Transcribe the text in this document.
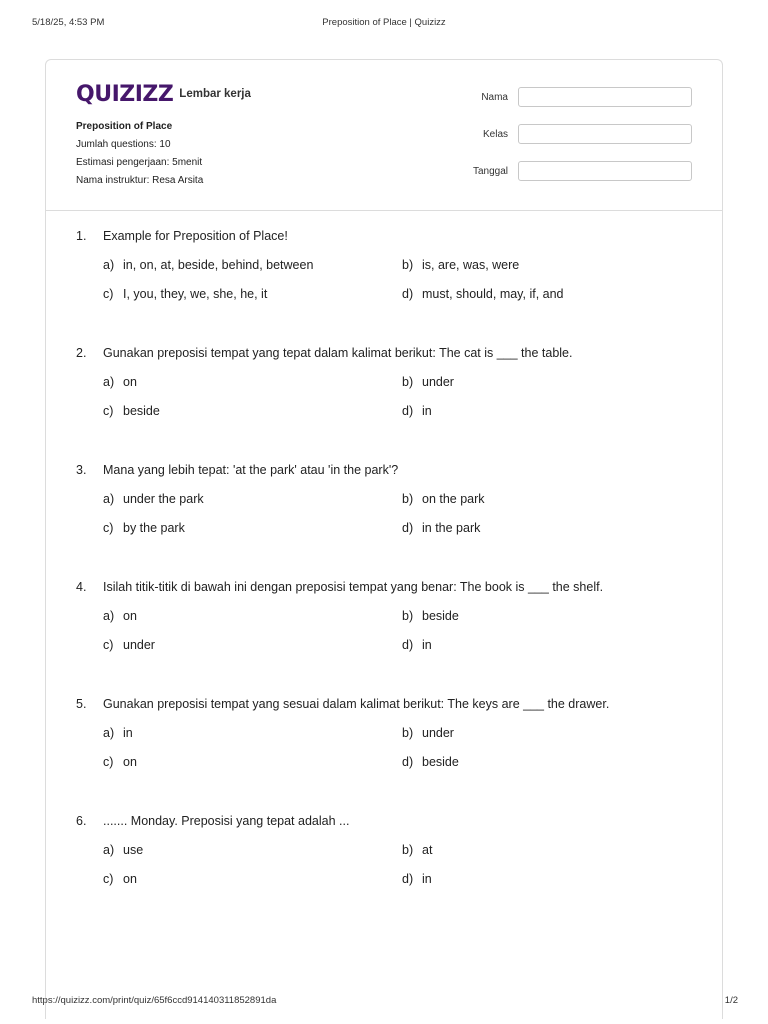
5/18/25, 4:53 PM	Preposition of Place | Quizizz
QUIZIZZ Lembar kerja
Preposition of Place
Jumlah questions: 10
Estimasi pengerjaan: 5menit
Nama instruktur: Resa Arsita
Nama
Kelas
Tanggal
1.	Example for Preposition of Place!
a) in, on, at, beside, behind, between	b) is, are, was, were
c) I, you, they, we, she, he, it	d) must, should, may, if, and
2.	Gunakan preposisi tempat yang tepat dalam kalimat berikut: The cat is ___ the table.
a) on	b) under
c) beside	d) in
3.	Mana yang lebih tepat: 'at the park' atau 'in the park'?
a) under the park	b) on the park
c) by the park	d) in the park
4.	Isilah titik-titik di bawah ini dengan preposisi tempat yang benar: The book is ___ the shelf.
a) on	b) beside
c) under	d) in
5.	Gunakan preposisi tempat yang sesuai dalam kalimat berikut: The keys are ___ the drawer.
a) in	b) under
c) on	d) beside
6.	....... Monday. Preposisi yang tepat adalah ...
a) use	b) at
c) on	d) in
https://quizizz.com/print/quiz/65f6ccd914140311852891da	1/2
